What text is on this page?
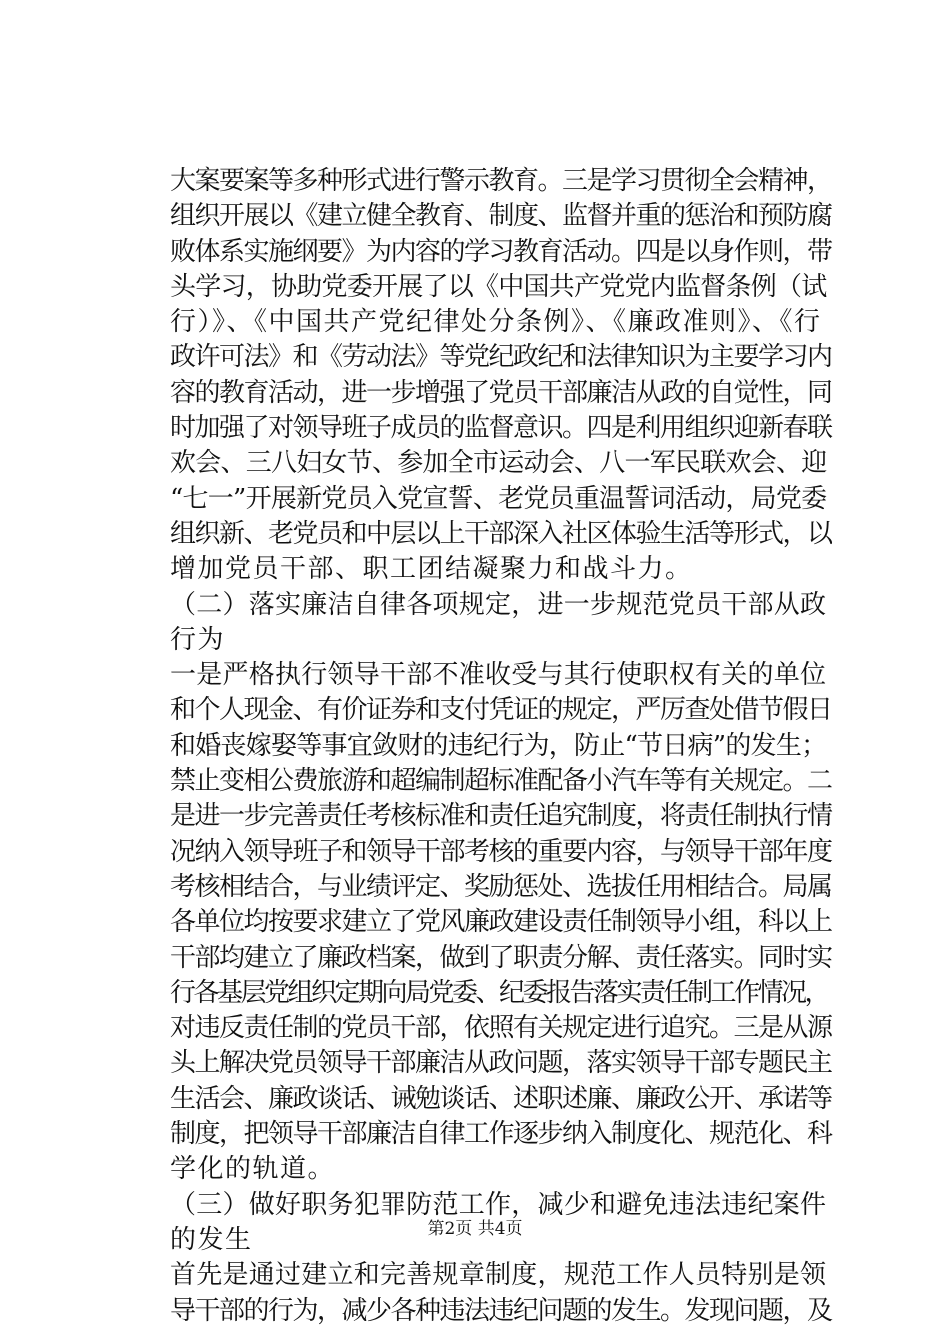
大案要案等多种形式进行警示教育。三是学习贯彻全会精神，
组织开展以《建立健全教育、制度、监督并重的惩治和预防腐
败体系实施纲要》为内容的学习教育活动。四是以身作则，带
头学习，协助党委开展了以《中国共产党党内监督条例（试
行）》、《中国共产党纪律处分条例》、《廉政准则》、《行
政许可法》和《劳动法》等党纪政纪和法律知识为主要学习内
容的教育活动，进一步增强了党员干部廉洁从政的自觉性，同
时加强了对领导班子成员的监督意识。四是利用组织迎新春联
欢会、三八妇女节、参加全市运动会、八一军民联欢会、迎
“七一”开展新党员入党宣誓、老党员重温誓词活动，局党委
组织新、老党员和中层以上干部深入社区体验生活等形式，以
增加党员干部、职工团结凝聚力和战斗力。
（二）落实廉洁自律各项规定，进一步规范党员干部从政
行为
一是严格执行领导干部不准收受与其行使职权有关的单位
和个人现金、有价证券和支付凭证的规定，严厉查处借节假日
和婚丧嫁娶等事宜敛财的违纪行为，防止“节日病”的发生；
禁止变相公费旅游和超编制超标准配备小汽车等有关规定。二
是进一步完善责任考核标准和责任追究制度，将责任制执行情
况纳入领导班子和领导干部考核的重要内容，与领导干部年度
考核相结合，与业绩评定、奖励惩处、选拔任用相结合。局属
各单位均按要求建立了党风廉政建设责任制领导小组，科以上
干部均建立了廉政档案，做到了职责分解、责任落实。同时实
行各基层党组织定期向局党委、纪委报告落实责任制工作情况，
对违反责任制的党员干部，依照有关规定进行追究。三是从源
头上解决党员领导干部廉洁从政问题，落实领导干部专题民主
生活会、廉政谈话、诫勉谈话、述职述廉、廉政公开、承诺等
制度，把领导干部廉洁自律工作逐步纳入制度化、规范化、科
学化的轨道。
（三）做好职务犯罪防范工作，减少和避免违法违纪案件
的发生
首先是通过建立和完善规章制度，规范工作人员特别是领
导干部的行为，减少各种违法违纪问题的发生。发现问题，及
第2页 共4页
